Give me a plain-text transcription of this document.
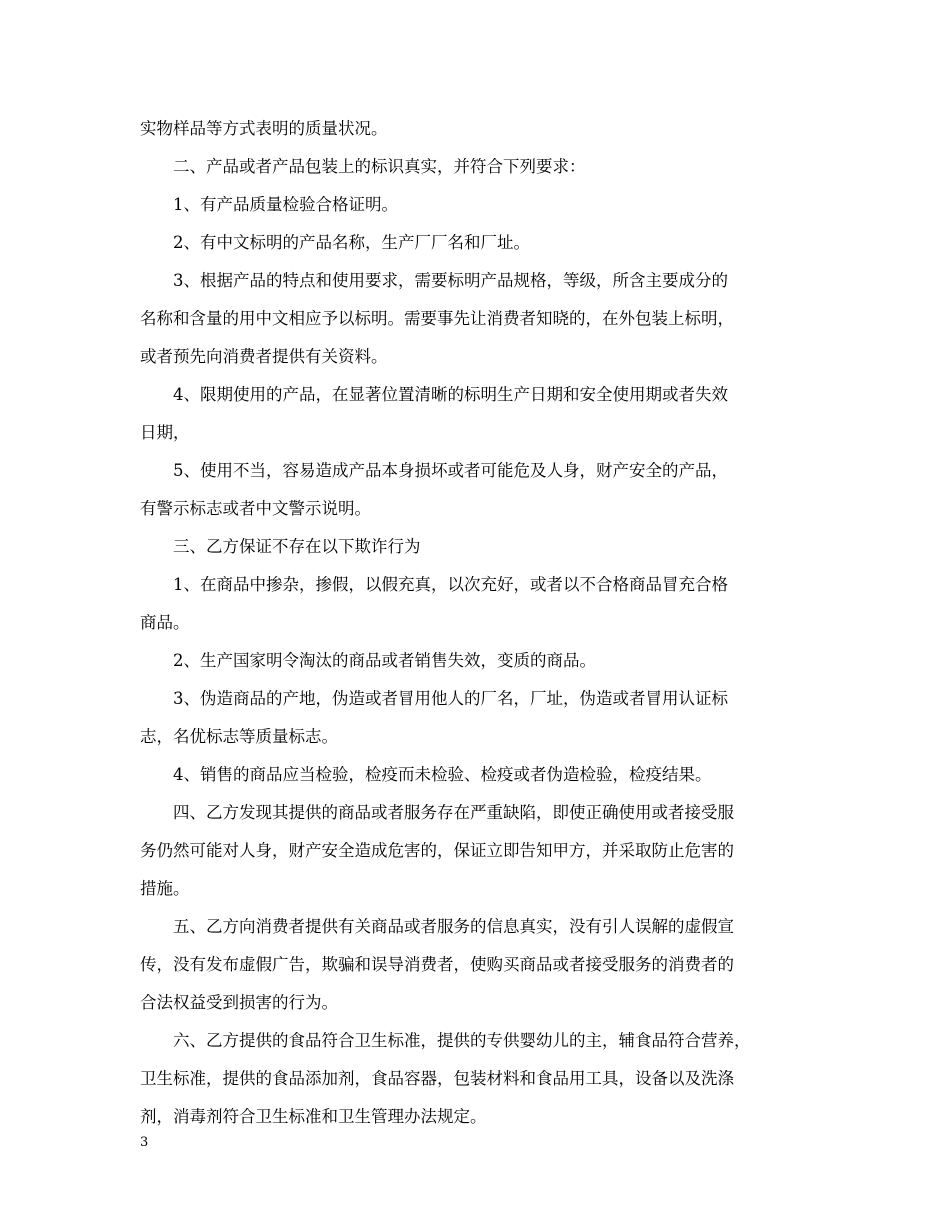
实物样品等方式表明的质量状况。
二、产品或者产品包装上的标识真实，并符合下列要求：
1、有产品质量检验合格证明。
2、有中文标明的产品名称，生产厂厂名和厂址。
3、根据产品的特点和使用要求，需要标明产品规格，等级，所含主要成分的
名称和含量的用中文相应予以标明。需要事先让消费者知晓的，在外包装上标明，
或者预先向消费者提供有关资料。
4、限期使用的产品，在显著位置清晰的标明生产日期和安全使用期或者失效
日期，
5、使用不当，容易造成产品本身损坏或者可能危及人身，财产安全的产品，
有警示标志或者中文警示说明。
三、乙方保证不存在以下欺诈行为
1、在商品中掺杂，掺假，以假充真，以次充好，或者以不合格商品冒充合格
商品。
2、生产国家明令淘汰的商品或者销售失效，变质的商品。
3、伪造商品的产地，伪造或者冒用他人的厂名，厂址，伪造或者冒用认证标
志，名优标志等质量标志。
4、销售的商品应当检验，检疫而未检验、检疫或者伪造检验，检疫结果。
四、乙方发现其提供的商品或者服务存在严重缺陷，即使正确使用或者接受服
务仍然可能对人身，财产安全造成危害的，保证立即告知甲方，并采取防止危害的
措施。
五、乙方向消费者提供有关商品或者服务的信息真实，没有引人误解的虚假宣
传，没有发布虚假广告，欺骗和误导消费者，使购买商品或者接受服务的消费者的
合法权益受到损害的行为。
六、乙方提供的食品符合卫生标准，提供的专供婴幼儿的主，辅食品符合营养，
卫生标准，提供的食品添加剂，食品容器，包装材料和食品用工具，设备以及洗涤
剂，消毒剂符合卫生标准和卫生管理办法规定。
3
